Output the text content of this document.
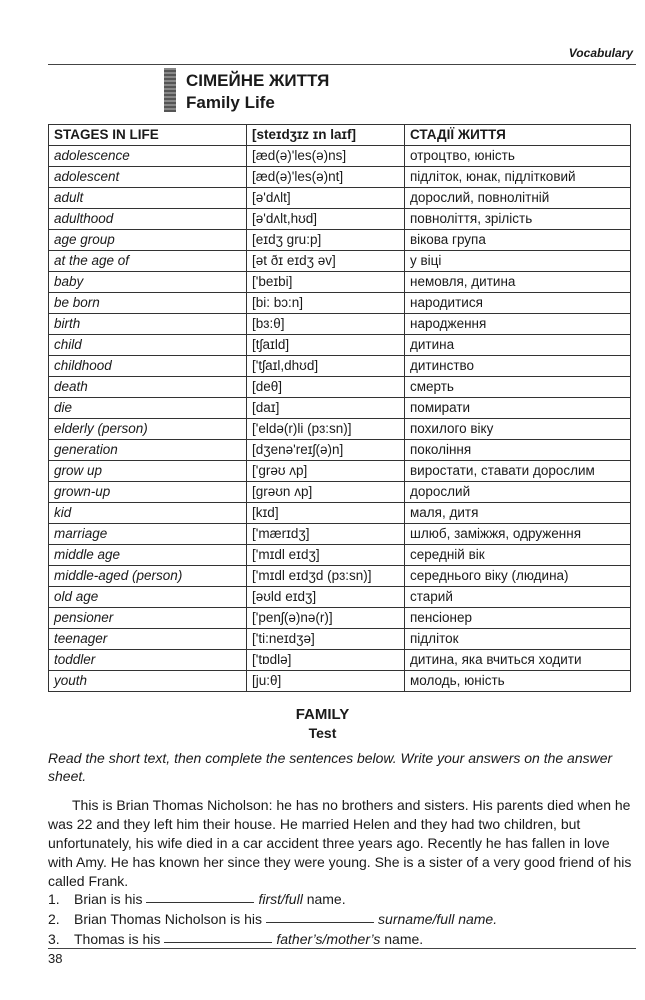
Vocabulary
СІМЕЙНЕ ЖИТТЯ
Family Life
STAGES IN LIFE	[steɪdʒɪz ɪn laɪf]	СТАДІЇ ЖИТТЯ
adolescence	[æd(ə)'les(ə)ns]	отроцтво, юність
adolescent	[æd(ə)'les(ə)nt]	підліток, юнак, підлітковий
adult	[ə'dʌlt]	дорослий, повнолітній
adulthood	[ə'dʌlt,hʊd]	повноліття, зрілість
age group	[eɪdʒ gru:p]	вікова група
at the age of	[ət ðɪ eɪdʒ əv]	у віці
baby	['beɪbi]	немовля, дитина
be born	[bi: bɔ:n]	народитися
birth	[bɜ:θ]	народження
child	[tʃaɪld]	дитина
childhood	['tʃaɪl,dhʊd]	дитинство
death	[deθ]	смерть
die	[daɪ]	помирати
elderly (person)	['eldə(r)li (pɜ:sn)]	похилого віку
generation	[dʒenə'reɪʃ(ə)n]	покоління
grow up	['grəʊ ʌp]	виростати, ставати дорослим
grown-up	[grəʊn ʌp]	дорослий
kid	[kɪd]	маля, дитя
marriage	['mærɪdʒ]	шлюб, заміжжя, одруження
middle age	['mɪdl eɪdʒ]	середній вік
middle-aged (person)	['mɪdl eɪdʒd (pɜ:sn)]	середнього віку (людина)
old age	[əʊld eɪdʒ]	старий
pensioner	['penʃ(ə)nə(r)]	пенсіонер
teenager	['ti:neɪdʒə]	підліток
toddler	['tɒdlə]	дитина, яка вчиться ходити
youth	[ju:θ]	молодь, юність
FAMILY
Test
Read the short text, then complete the sentences below. Write your answers on the answer sheet.
This is Brian Thomas Nicholson: he has no brothers and sisters. His parents died when he was 22 and they left him their house. He married Helen and they had two children, but unfortunately, his wife died in a car accident three years ago. Recently he has fallen in love with Amy. He has known her since they were young. She is a sister of a very good friend of his called Frank.
1.	Brian is his	first/full name.
2.	Brian Thomas Nicholson is his	surname/full name.
3.	Thomas is his	father’s/mother’s name.
38
